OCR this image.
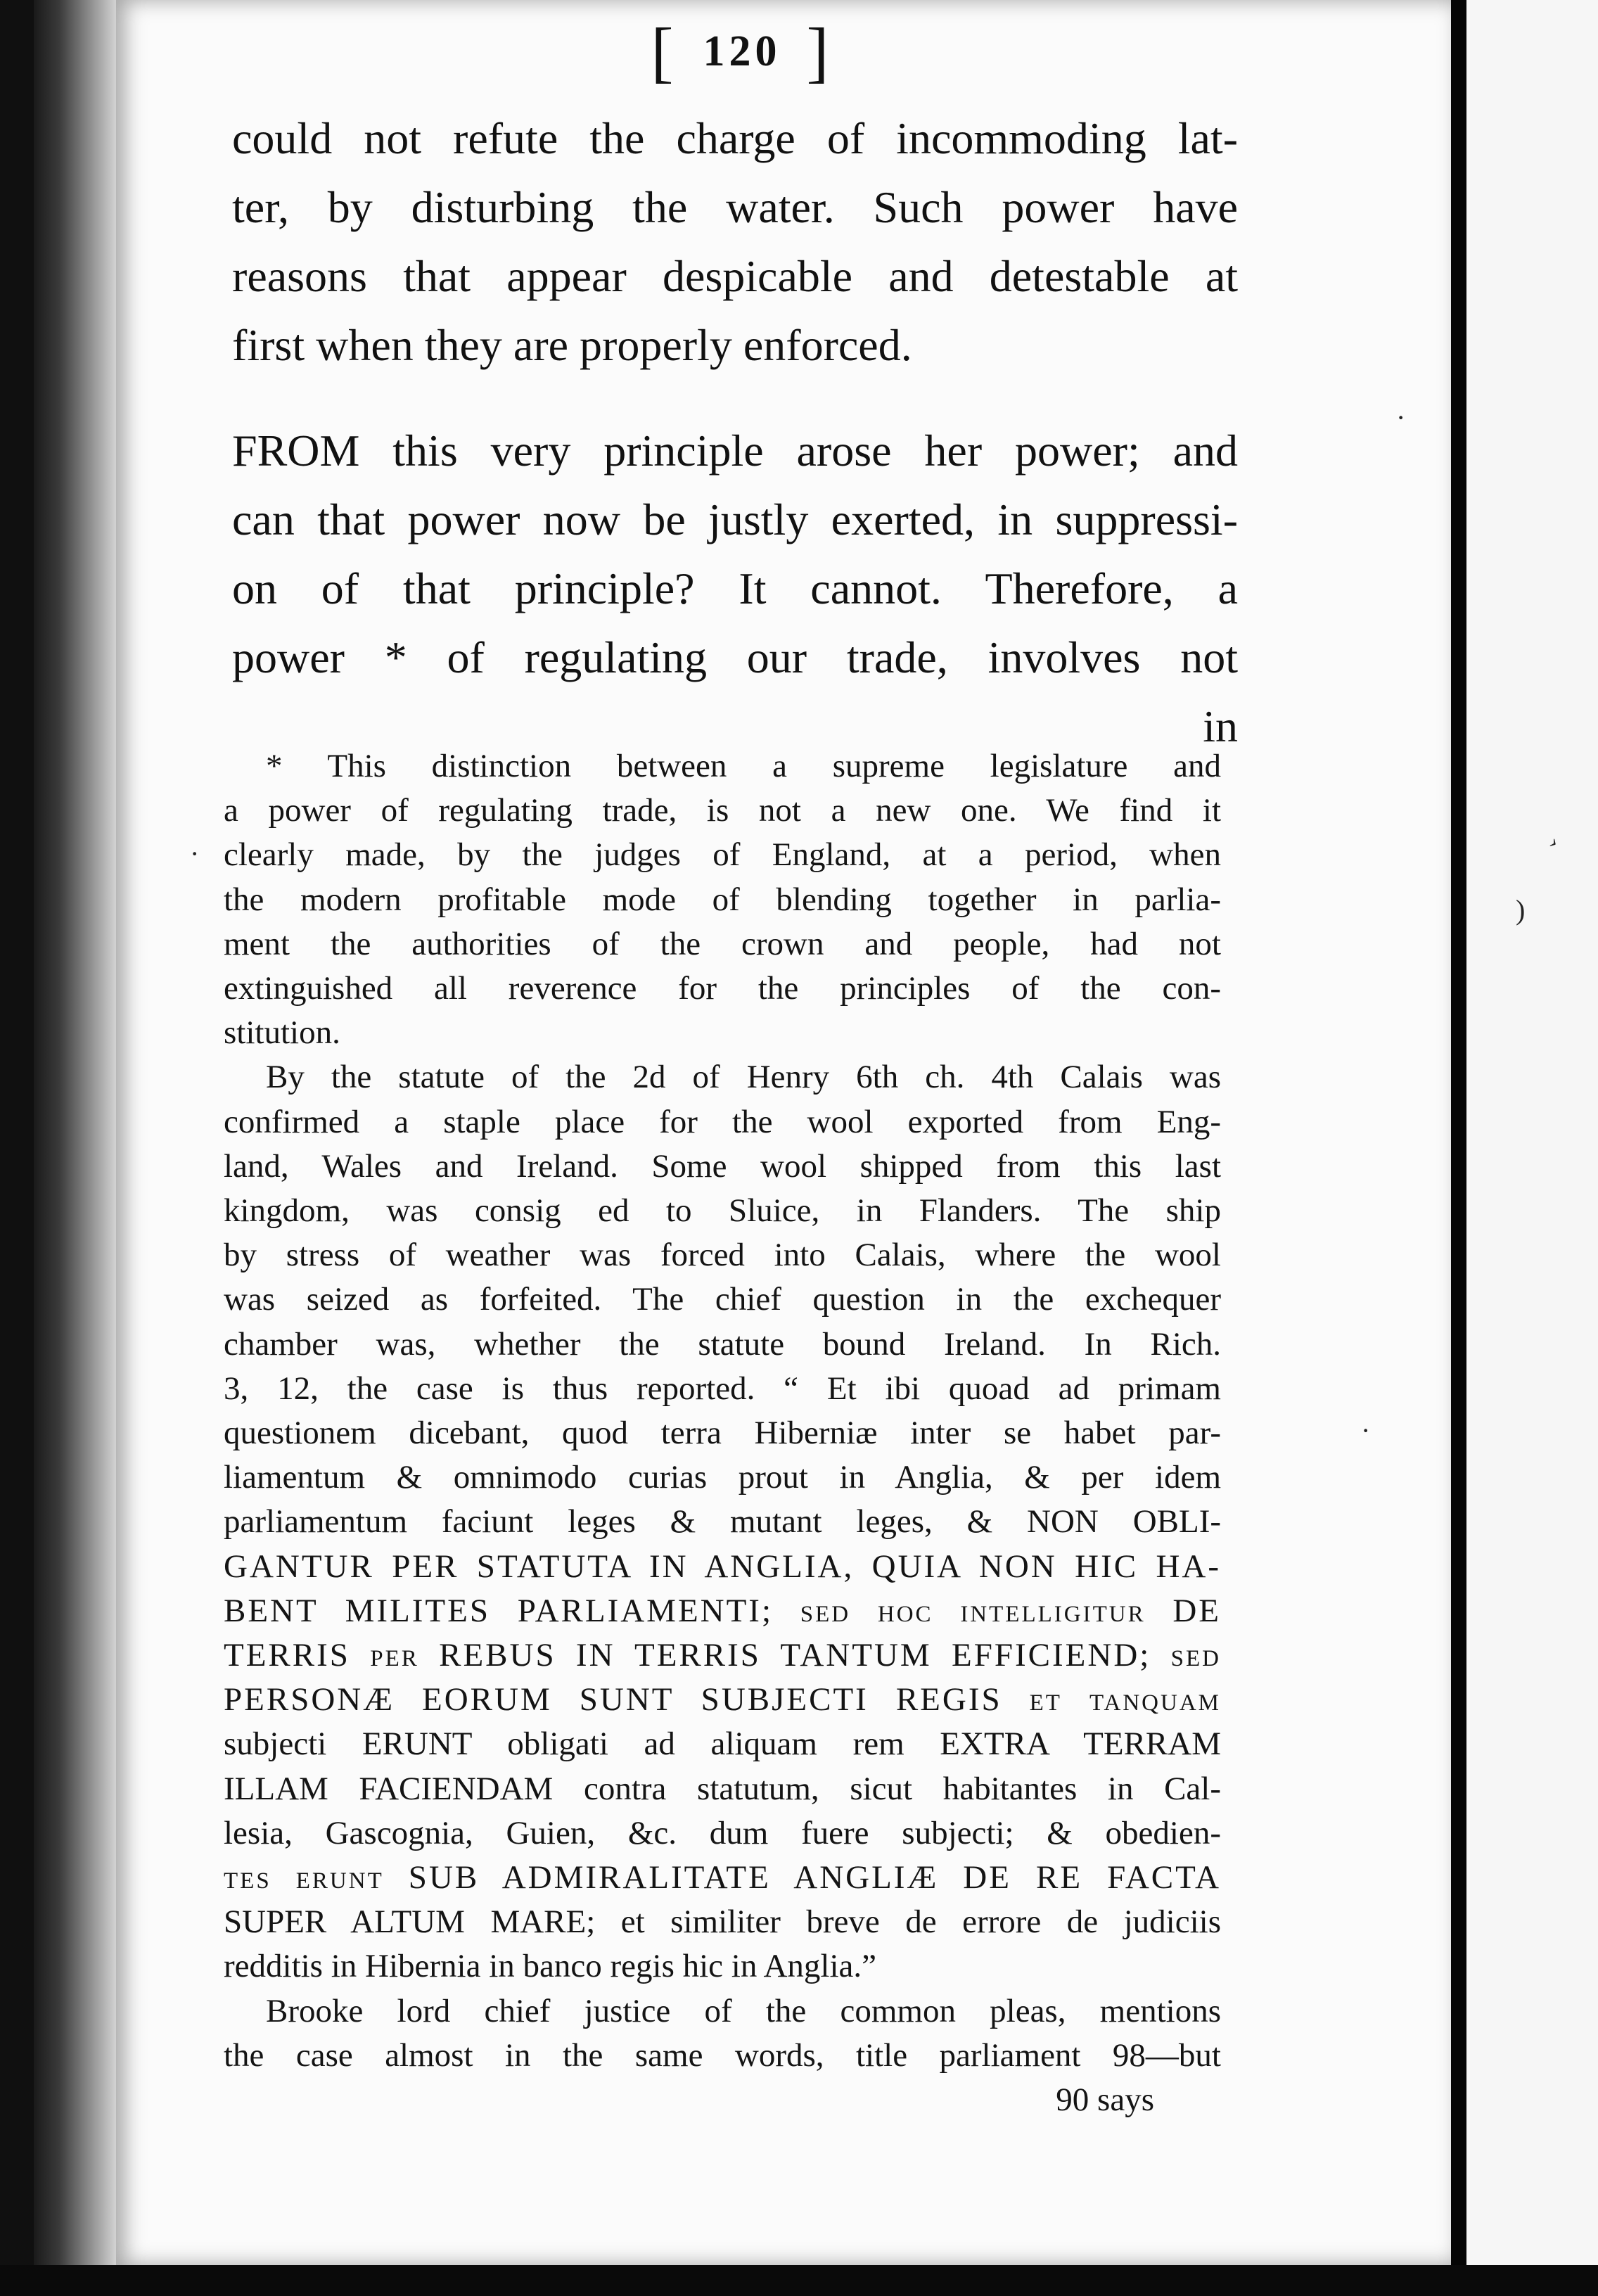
)
›
[ 120 ]
could not refute the charge of incommoding lat-
ter, by disturbing the water. Such power have
reasons that appear despicable and detestable at
first when they are properly enforced.
FROM this very principle arose her power; and
can that power now be justly exerted, in suppressi-
on of that principle? It cannot. Therefore, a
power * of regulating our trade, involves not
in
* This distinction between a supreme legislature and
a power of regulating trade, is not a new one. We find it
clearly made, by the judges of England, at a period, when
the modern profitable mode of blending together in parlia-
ment the authorities of the crown and people, had not
extinguished all reverence for the principles of the con-
stitution.
By the statute of the 2d of Henry 6th ch. 4th Calais was
confirmed a staple place for the wool exported from Eng-
land, Wales and Ireland. Some wool shipped from this last
kingdom, was consig ed to Sluice, in Flanders. The ship
by stress of weather was forced into Calais, where the wool
was seized as forfeited. The chief question in the exchequer
chamber was, whether the statute bound Ireland. In Rich.
3, 12, the case is thus reported. “ Et ibi quoad ad primam
questionem dicebant, quod terra Hiberniæ inter se habet par-
liamentum & omnimodo curias prout in Anglia, & per idem
parliamentum faciunt leges & mutant leges, & NON OBLI-
GANTUR PER STATUTA IN ANGLIA, QUIA NON HIC HA-
BENT MILITES PARLIAMENTI; sed hoc intelligitur DE
TERRIS per REBUS IN TERRIS TANTUM EFFICIEND; sed
PERSONÆ EORUM SUNT SUBJECTI REGIS et tanquam
subjecti ERUNT obligati ad aliquam rem EXTRA TERRAM
ILLAM FACIENDAM contra statutum, sicut habitantes in Cal-
lesia, Gascognia, Guien, &c. dum fuere subjecti; & obedien-
tes erunt SUB ADMIRALITATE ANGLIÆ DE RE FACTA
SUPER ALTUM MARE; et similiter breve de errore de judiciis
redditis in Hibernia in banco regis hic in Anglia.”
Brooke lord chief justice of the common pleas, mentions
the case almost in the same words, title parliament 98—but
90 says
·
·
·
